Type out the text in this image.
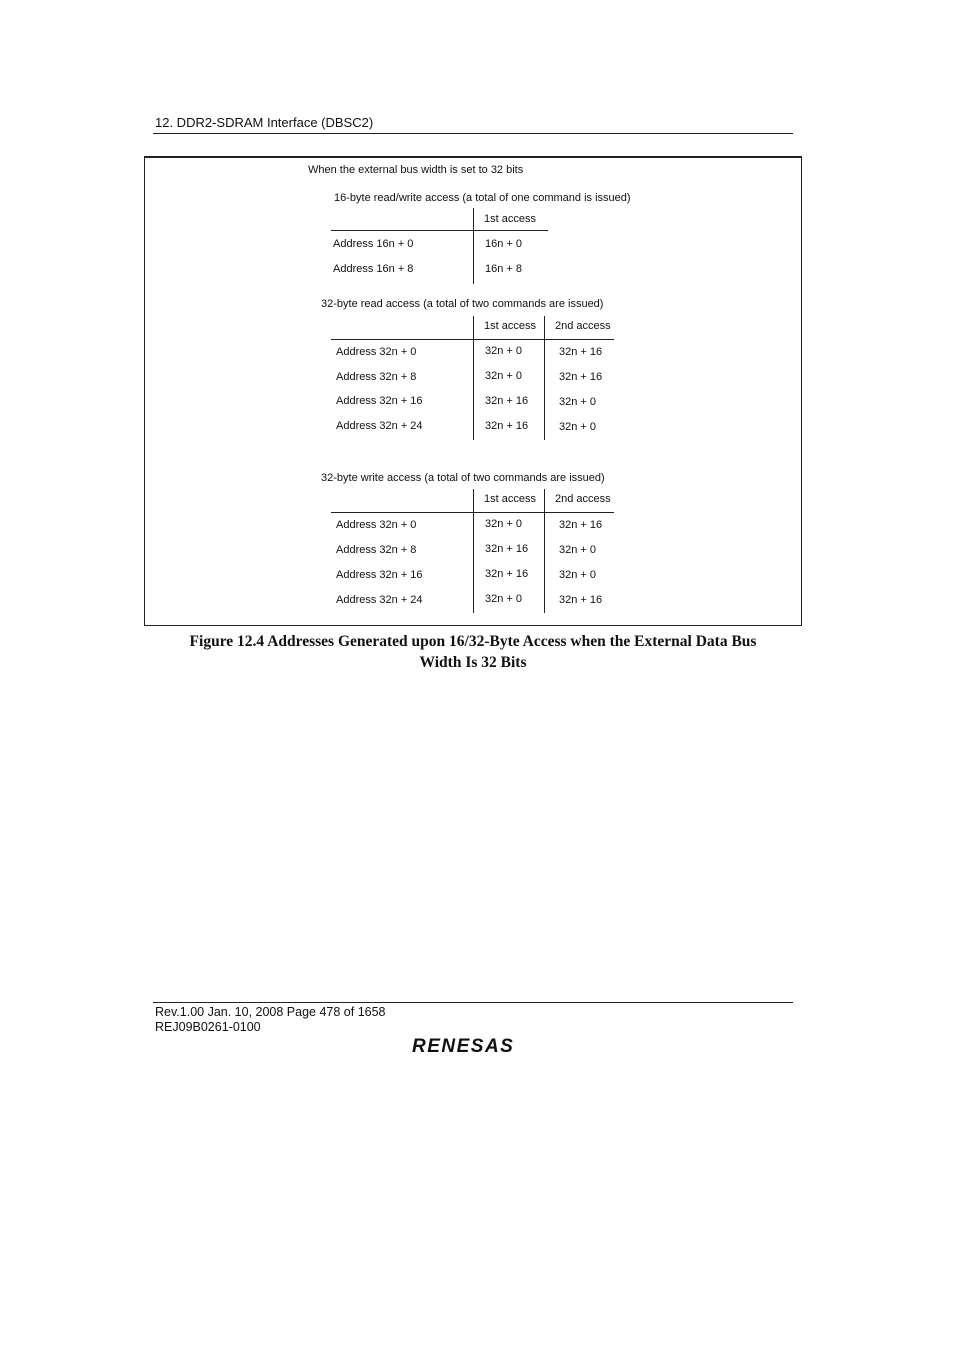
12. DDR2-SDRAM Interface (DBSC2)
When the external bus width is set to 32 bits
16-byte read/write access (a total of one command is issued)
1st access
Address 16n + 0	16n + 0
Address 16n + 8	16n + 8
32-byte read access (a total of two commands are issued)
1st access 2nd access
Address 32n + 0	32n + 0	32n + 16
Address 32n + 8	32n + 0	32n + 16
Address 32n + 16	32n + 16	32n + 0
Address 32n + 24	32n + 16	32n + 0
32-byte write access (a total of two commands are issued)
1st access 2nd access
Address 32n + 0	32n + 0	32n + 16
Address 32n + 8	32n + 16	32n + 0
Address 32n + 16	32n + 16	32n + 0
Address 32n + 24	32n + 0	32n + 16
Figure 12.4 Addresses Generated upon 16/32-Byte Access when the External Data Bus
Width Is 32 Bits
Rev.1.00 Jan. 10, 2008 Page 478 of 1658
REJ09B0261-0100
RENESAS
